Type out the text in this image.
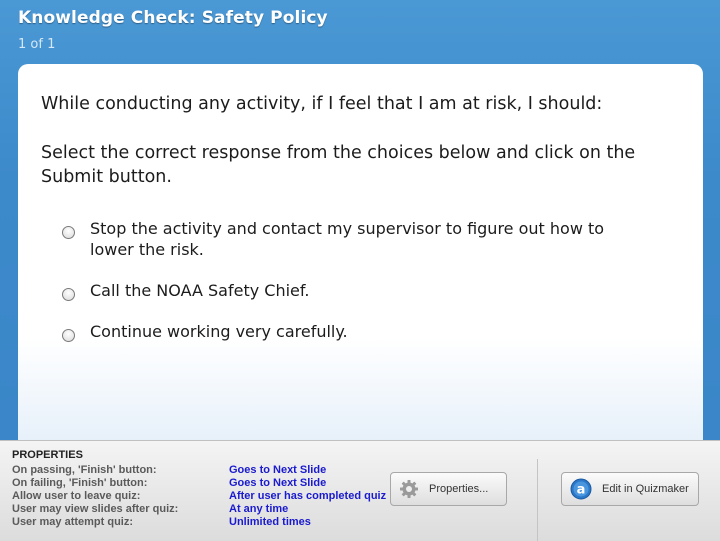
Knowledge Check: Safety Policy
1 of 1
While conducting any activity, if I feel that I am at risk, I should:
Select the correct response from the choices below and click on the Submit button.
Stop the activity and contact my supervisor to figure out how to lower the risk.
Call the NOAA Safety Chief.
Continue working very carefully.
PROPERTIES
On passing, 'Finish' button:	Goes to Next Slide
On failing, 'Finish' button:	Goes to Next Slide
Allow user to leave quiz:	After user has completed quiz
User may view slides after quiz:	At any time
User may attempt quiz:	Unlimited times
Properties...	a Edit in Quizmaker
